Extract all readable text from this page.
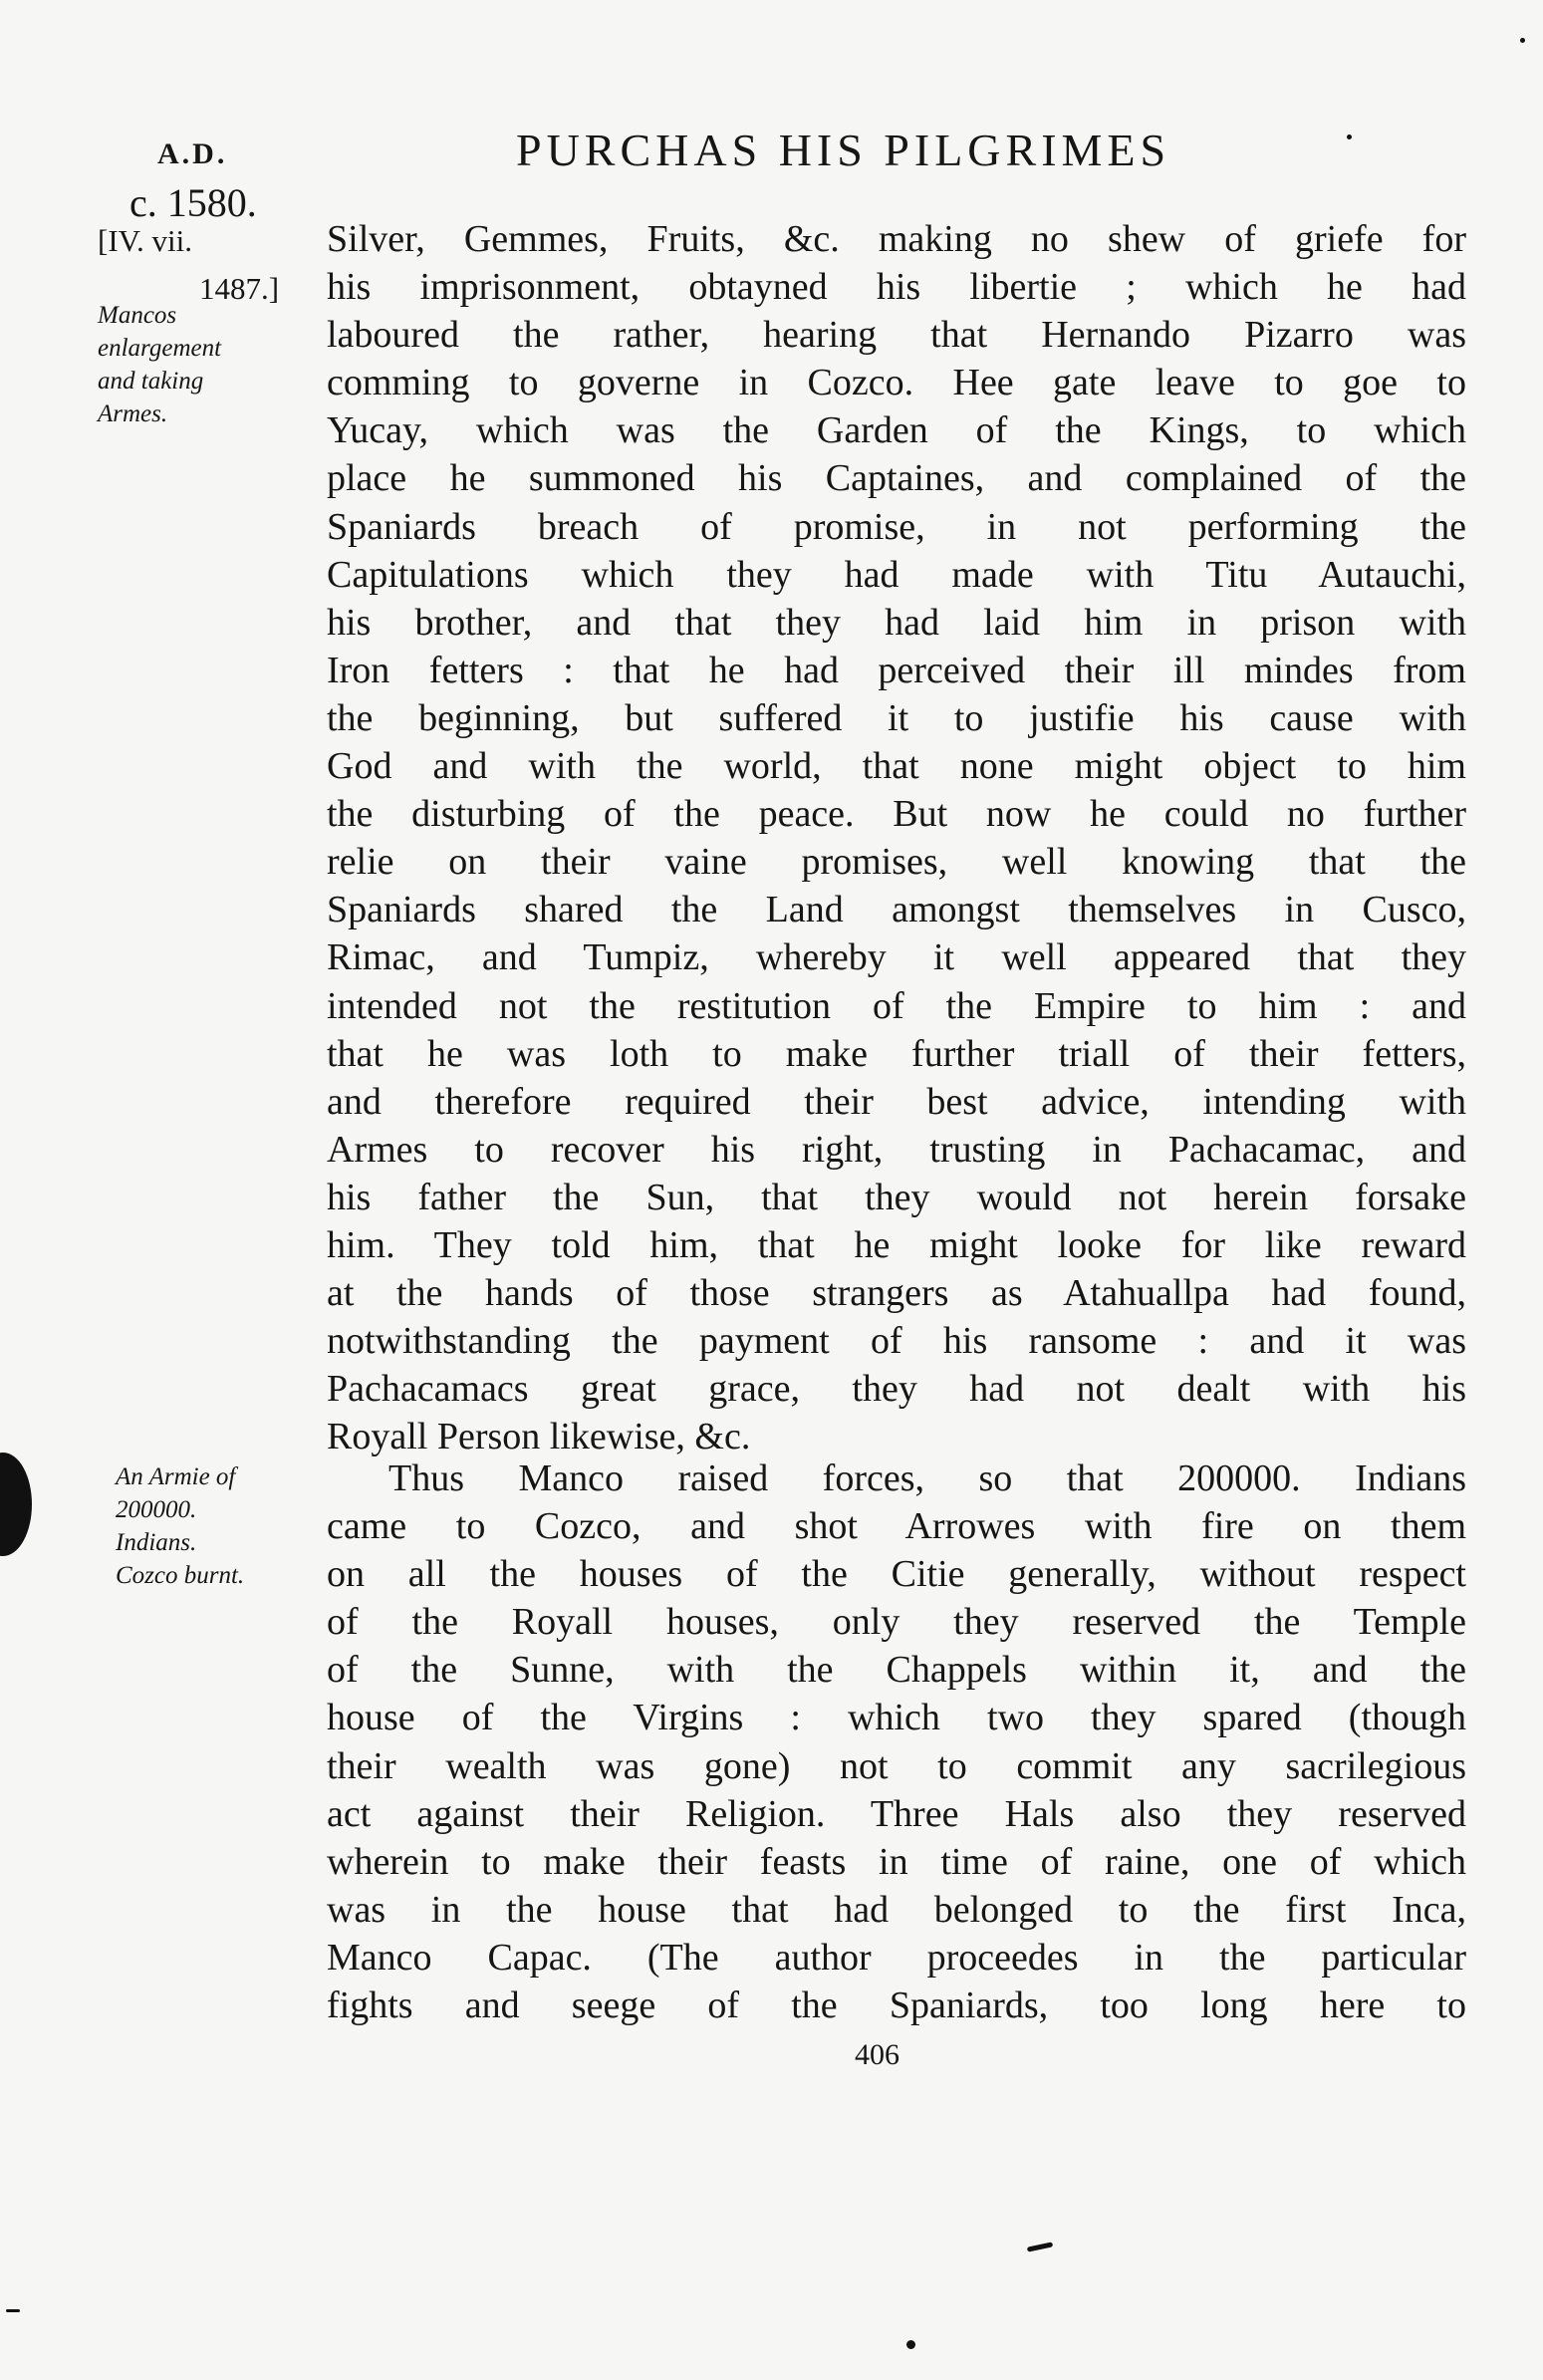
A.D.	PURCHAS HIS PILGRIMES
c. 1580.
[IV. vii.
1487.]
Mancos
enlargement
and taking
Armes.
An Armie of
200000.
Indians.
Cozco burnt.
Silver, Gemmes, Fruits, &c. making no shew of griefe for
his imprisonment, obtayned his libertie ; which he had
laboured the rather, hearing that Hernando Pizarro was
comming to governe in Cozco. Hee gate leave to goe to
Yucay, which was the Garden of the Kings, to which
place he summoned his Captaines, and complained of the
Spaniards breach of promise, in not performing the
Capitulations which they had made with Titu Autauchi,
his brother, and that they had laid him in prison with
Iron fetters : that he had perceived their ill mindes from
the beginning, but suffered it to justifie his cause with
God and with the world, that none might object to him
the disturbing of the peace. But now he could no further
relie on their vaine promises, well knowing that the
Spaniards shared the Land amongst themselves in Cusco,
Rimac, and Tumpiz, whereby it well appeared that they
intended not the restitution of the Empire to him : and
that he was loth to make further triall of their fetters,
and therefore required their best advice, intending with
Armes to recover his right, trusting in Pachacamac, and
his father the Sun, that they would not herein forsake
him. They told him, that he might looke for like reward
at the hands of those strangers as Atahuallpa had found,
notwithstanding the payment of his ransome : and it was
Pachacamacs great grace, they had not dealt with his
Royall Person likewise, &c.
Thus Manco raised forces, so that 200000. Indians
came to Cozco, and shot Arrowes with fire on them
on all the houses of the Citie generally, without respect
of the Royall houses, only they reserved the Temple
of the Sunne, with the Chappels within it, and the
house of the Virgins : which two they spared (though
their wealth was gone) not to commit any sacrilegious
act against their Religion. Three Hals also they reserved
wherein to make their feasts in time of raine, one of which
was in the house that had belonged to the first Inca,
Manco Capac. (The author proceedes in the particular
fights and seege of the Spaniards, too long here to
406
